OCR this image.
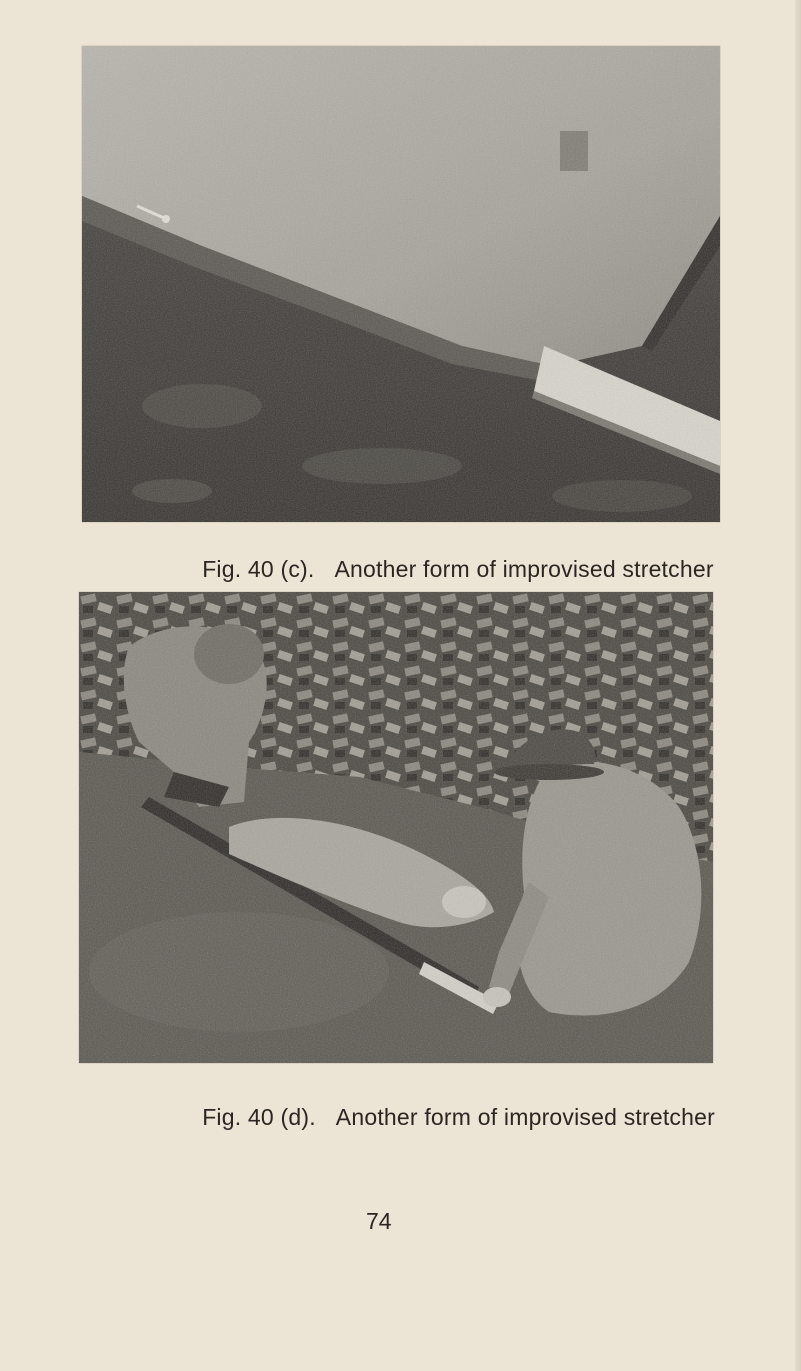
Fig. 40 (c). Another form of improvised stretcher

Fig. 40 (d). Another form of improvised stretcher

74
